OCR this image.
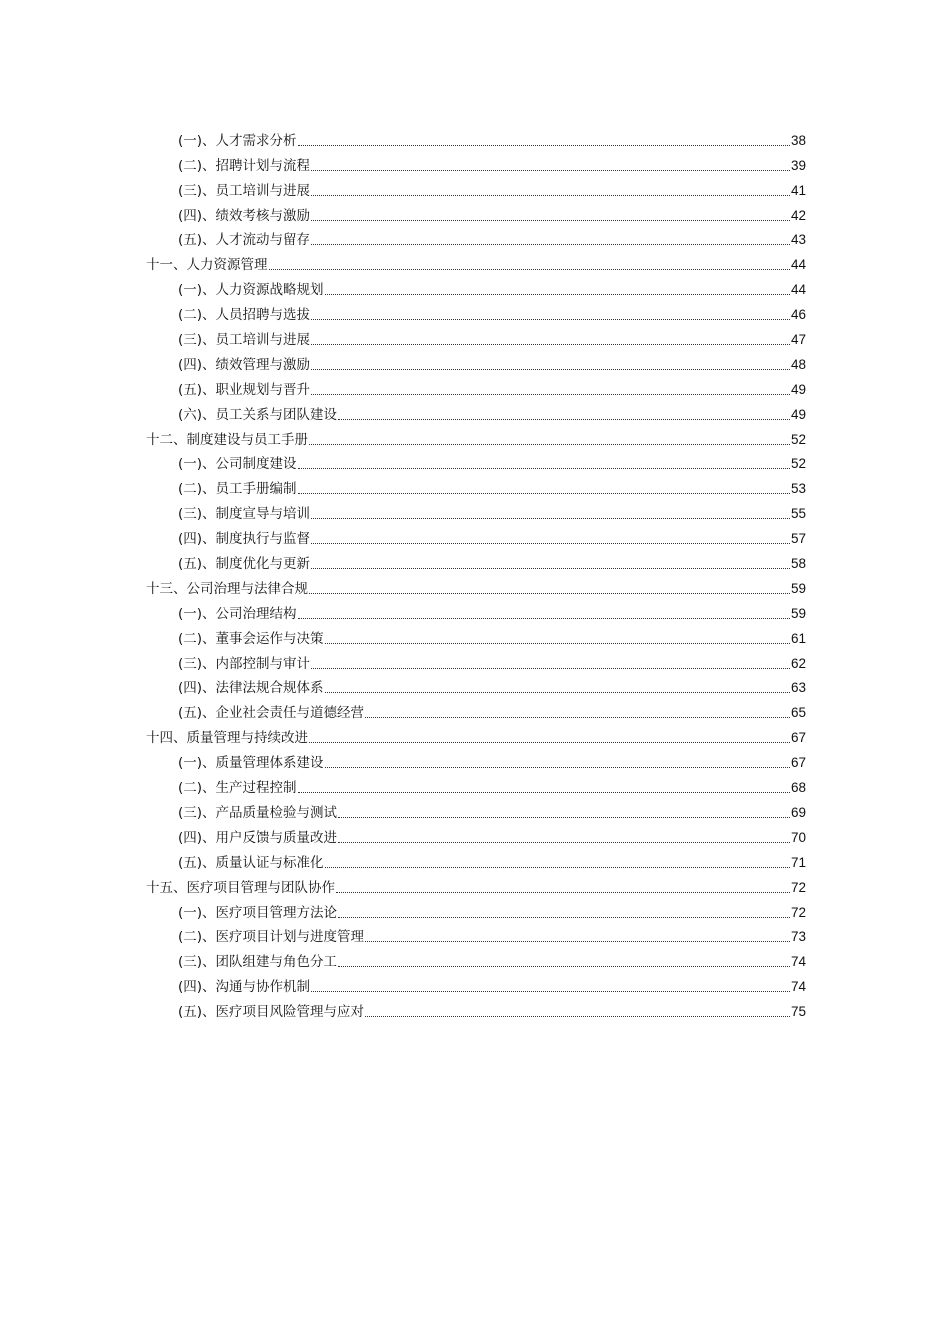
(一)、人才需求分析	38
(二)、招聘计划与流程	39
(三)、员工培训与进展	41
(四)、绩效考核与激励	42
(五)、人才流动与留存	43
十一、人力资源管理	44
(一)、人力资源战略规划	44
(二)、人员招聘与选拔	46
(三)、员工培训与进展	47
(四)、绩效管理与激励	48
(五)、职业规划与晋升	49
(六)、员工关系与团队建设	49
十二、制度建设与员工手册	52
(一)、公司制度建设	52
(二)、员工手册编制	53
(三)、制度宣导与培训	55
(四)、制度执行与监督	57
(五)、制度优化与更新	58
十三、公司治理与法律合规	59
(一)、公司治理结构	59
(二)、董事会运作与决策	61
(三)、内部控制与审计	62
(四)、法律法规合规体系	63
(五)、企业社会责任与道德经营	65
十四、质量管理与持续改进	67
(一)、质量管理体系建设	67
(二)、生产过程控制	68
(三)、产品质量检验与测试	69
(四)、用户反馈与质量改进	70
(五)、质量认证与标准化	71
十五、医疗项目管理与团队协作	72
(一)、医疗项目管理方法论	72
(二)、医疗项目计划与进度管理	73
(三)、团队组建与角色分工	74
(四)、沟通与协作机制	74
(五)、医疗项目风险管理与应对	75
